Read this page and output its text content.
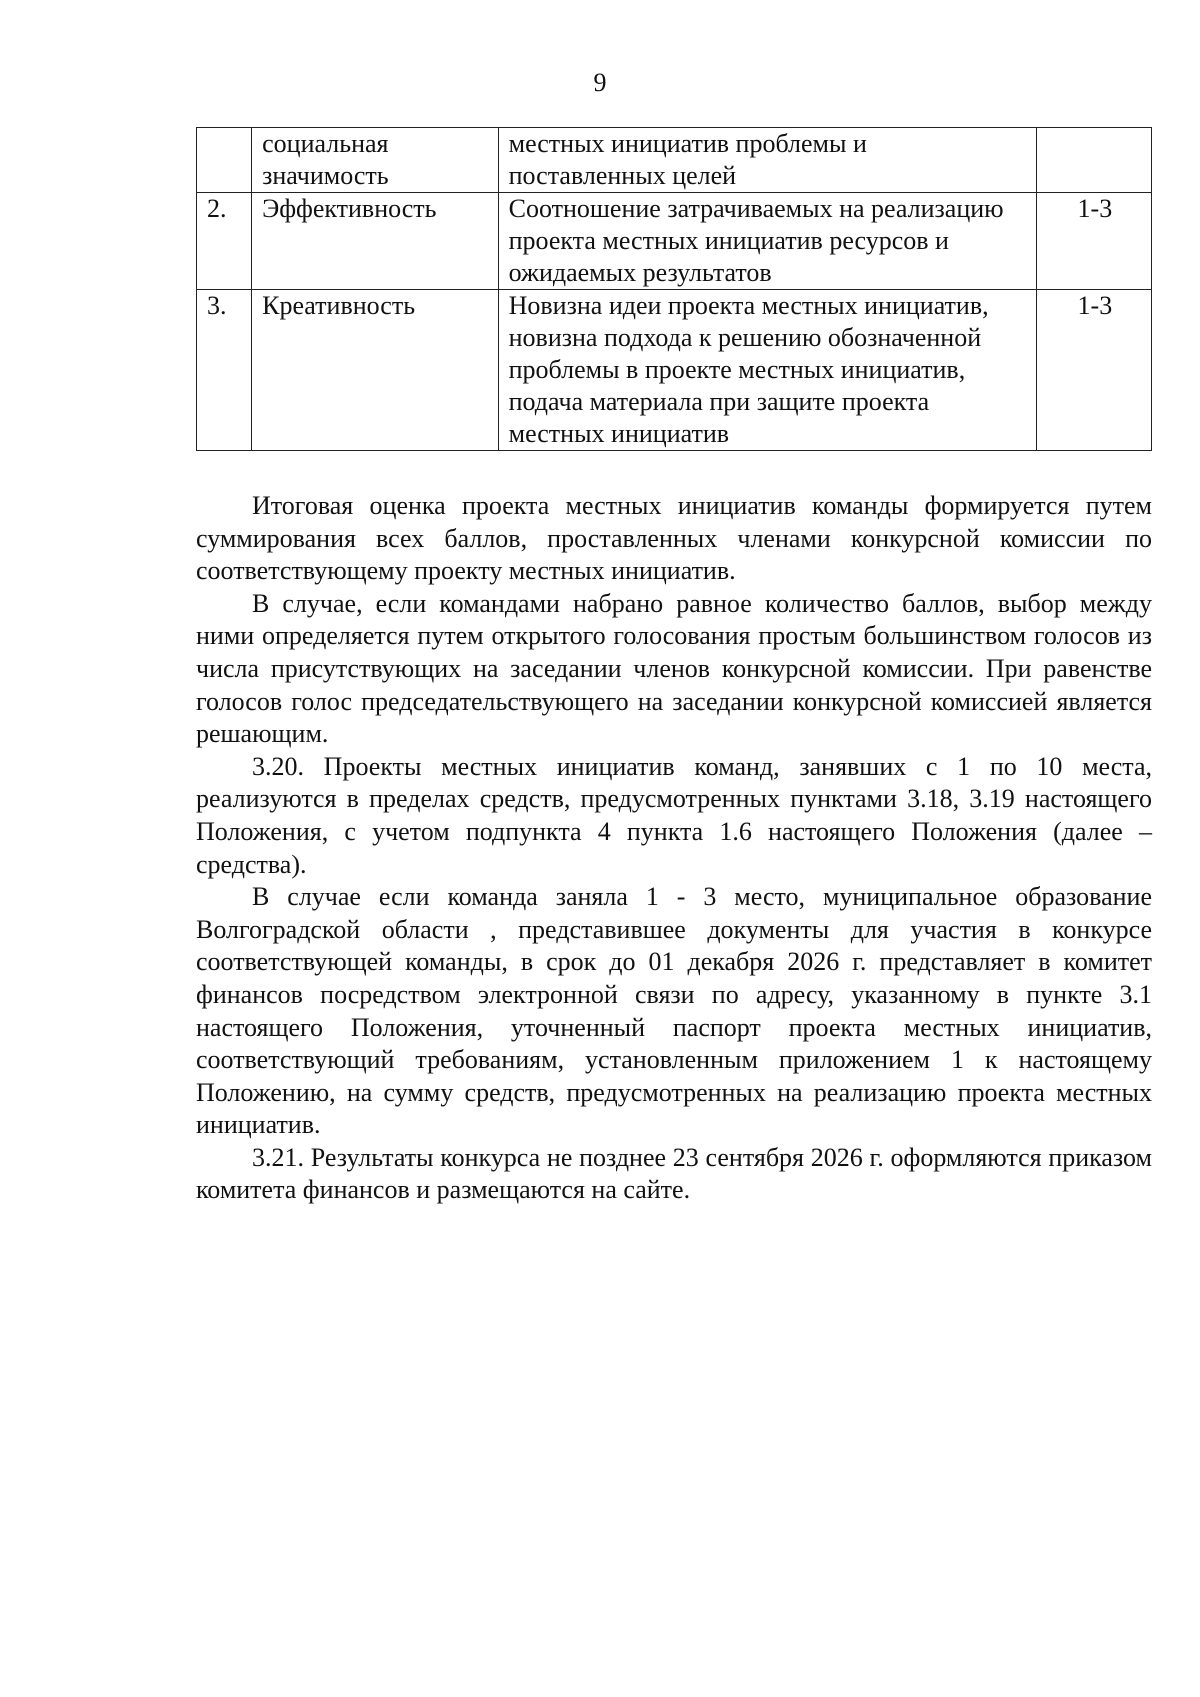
9
	социальная значимость	местных инициатив проблемы и поставленных целей	
2.	Эффективность	Соотношение затрачиваемых на реализацию проекта местных инициатив ресурсов и ожидаемых результатов	1-3
3.	Креативность	Новизна идеи проекта местных инициатив, новизна подхода к решению обозначенной проблемы в проекте местных инициатив, подача материала при защите проекта местных инициатив	1-3

Итоговая оценка проекта местных инициатив команды формируется путем суммирования всех баллов, проставленных членами конкурсной комиссии по соответствующему проекту местных инициатив.

В случае, если командами набрано равное количество баллов, выбор между ними определяется путем открытого голосования простым большинством голосов из числа присутствующих на заседании членов конкурсной комиссии. При равенстве голосов голос председательствующего на заседании конкурсной комиссией является решающим.

3.20. Проекты местных инициатив команд, занявших с 1 по 10 места, реализуются в пределах средств, предусмотренных пунктами 3.18, 3.19 настоящего Положения, с учетом подпункта 4 пункта 1.6 настоящего Положения (далее – средства).

В случае если команда заняла 1 - 3 место, муниципальное образование Волгоградской области , представившее документы для участия в конкурсе соответствующей команды, в срок до 01 декабря 2026 г. представляет в комитет финансов посредством электронной связи по адресу, указанному в пункте 3.1 настоящего Положения, уточненный паспорт проекта местных инициатив, соответствующий требованиям, установленным приложением 1 к настоящему Положению, на сумму средств, предусмотренных на реализацию проекта местных инициатив.

3.21. Результаты конкурса не позднее 23 сентября 2026 г. оформляются приказом комитета финансов и размещаются на сайте.
